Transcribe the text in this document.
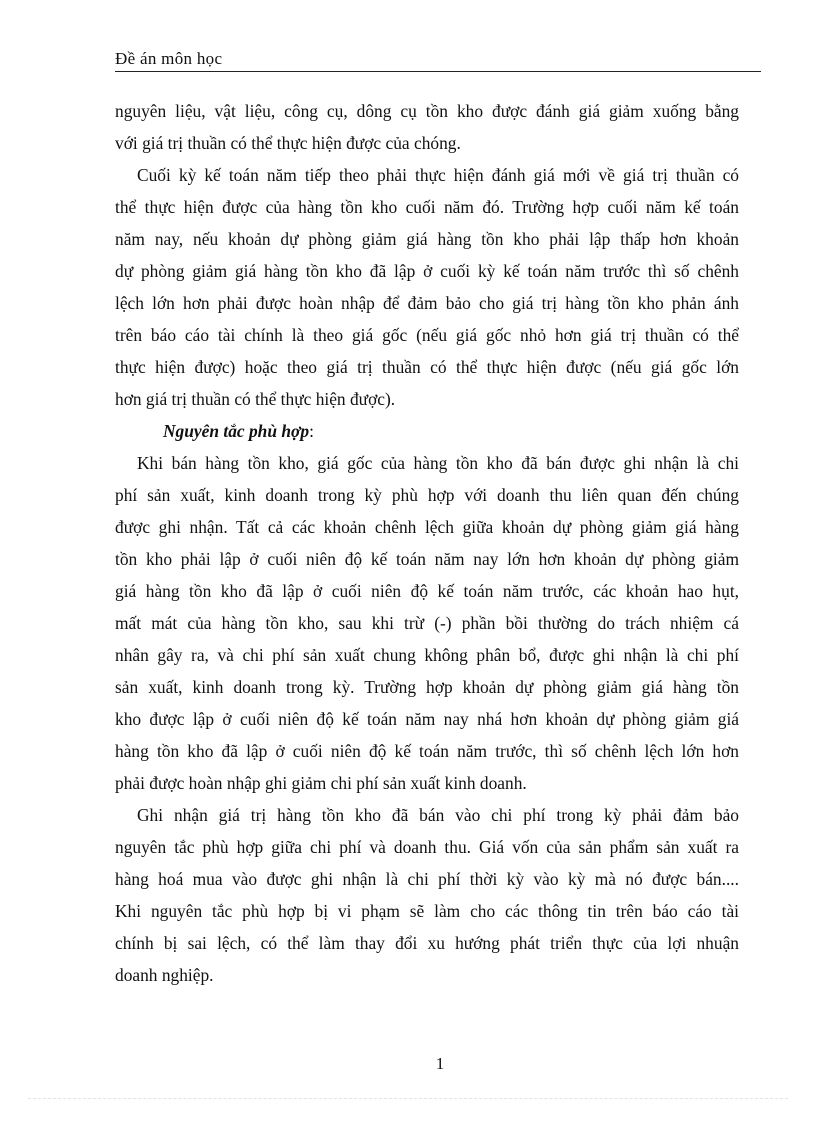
Đề án môn học
nguyên liệu, vật liệu, công cụ, dông cụ tồn kho được đánh giá giảm xuống bằng
với giá trị thuần có thể thực hiện được của chóng.
Cuối kỳ kế toán năm tiếp theo phải thực hiện đánh giá mới về giá trị thuần có
thể thực hiện được của hàng tồn kho cuối năm đó. Trường hợp cuối năm kế toán
năm nay, nếu khoản dự phòng giảm giá hàng tồn kho phải lập thấp hơn khoản
dự phòng giảm giá hàng tồn kho đã lập ở cuối kỳ kế toán năm trước thì số chênh
lệch lớn hơn phải được hoàn nhập để đảm bảo cho giá trị hàng tồn kho phản ánh
trên báo cáo tài chính là theo giá gốc (nếu giá gốc nhỏ hơn giá trị thuần có thể
thực hiện được) hoặc theo giá trị thuần có thể thực hiện được (nếu giá gốc lớn
hơn giá trị thuần có thể thực hiện được).
Nguyên tắc phù hợp:
Khi bán hàng tồn kho, giá gốc của hàng tồn kho đã bán được ghi nhận là chi
phí sản xuất, kinh doanh trong kỳ phù hợp với doanh thu liên quan đến chúng
được ghi nhận. Tất cả các khoản chênh lệch giữa khoản dự phòng giảm giá hàng
tồn kho phải lập ở cuối niên độ kế toán năm nay lớn hơn khoản dự phòng giảm
giá hàng tồn kho đã lập ở cuối niên độ kế toán năm trước, các khoản hao hụt,
mất mát của hàng tồn kho, sau khi trừ (-) phần bồi thường do trách nhiệm cá
nhân gây ra, và chi phí sản xuất chung không phân bổ, được ghi nhận là chi phí
sản xuất, kinh doanh trong kỳ. Trường hợp khoản dự phòng giảm giá hàng tồn
kho được lập ở cuối niên độ kế toán năm nay nhá hơn khoản dự phòng giảm giá
hàng tồn kho đã lập ở cuối niên độ kế toán năm trước, thì số chênh lệch lớn hơn
phải được hoàn nhập ghi giảm chi phí sản xuất kinh doanh.
Ghi nhận giá trị hàng tồn kho đã bán vào chi phí trong kỳ phải đảm bảo
nguyên tắc phù hợp giữa chi phí và doanh thu. Giá vốn của sản phẩm sản xuất ra
hàng hoá mua vào được ghi nhận là chi phí thời kỳ vào kỳ mà nó được bán....
Khi nguyên tắc phù hợp bị vi phạm sẽ làm cho các thông tin trên báo cáo tài
chính bị sai lệch, có thể làm thay đổi xu hướng phát triển thực của lợi nhuận
doanh nghiệp.
1
